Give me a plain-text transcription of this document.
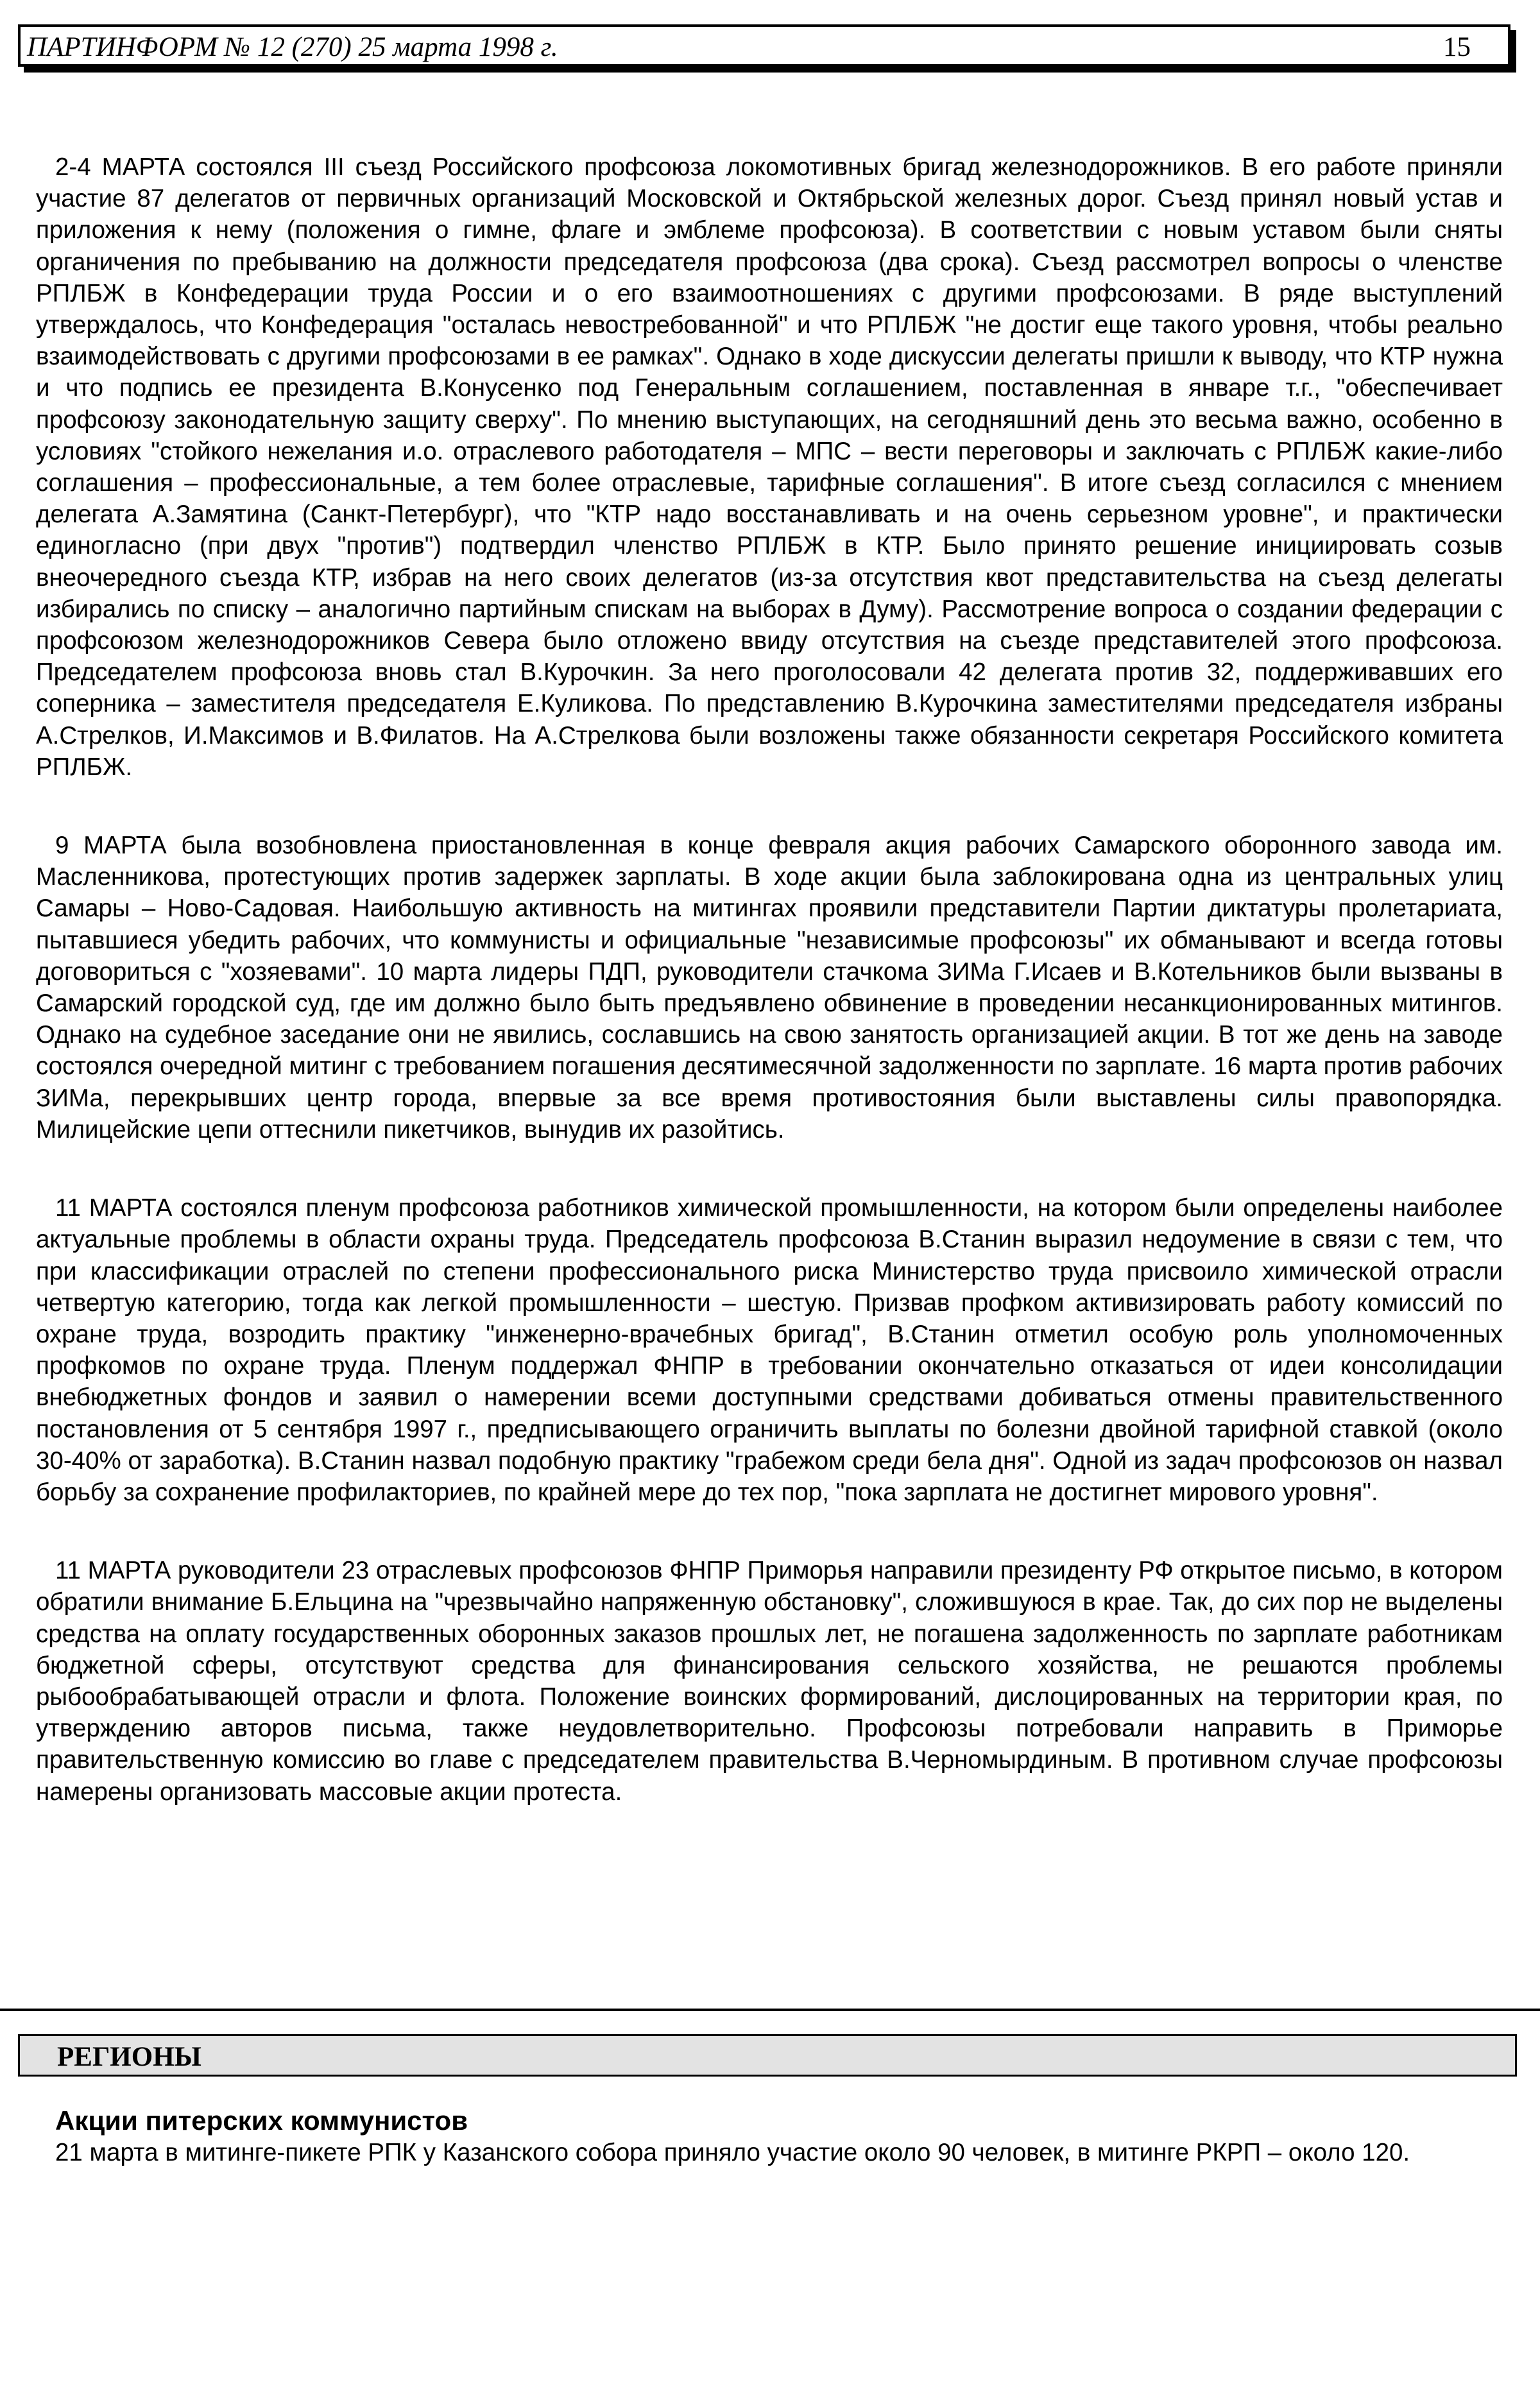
ПАРТИНФОРМ № 12 (270) 25 марта 1998 г.	15

2-4 МАРТА состоялся III съезд Российского профсоюза локомотивных бригад железнодорожников. В его работе приняли участие 87 делегатов от первичных организаций Московской и Октябрьской железных дорог. Съезд принял новый устав и приложения к нему (положения о гимне, флаге и эмблеме профсоюза). В соответствии с новым уставом были сняты органичения по пребыванию на должности председателя профсоюза (два срока). Съезд рассмотрел вопросы о членстве РПЛБЖ в Конфедерации труда России и о его взаимоотношениях с другими профсоюзами. В ряде выступлений утверждалось, что Конфедерация "осталась невостребованной" и что РПЛБЖ "не достиг еще такого уровня, чтобы реально взаимодействовать с другими профсоюзами в ее рамках". Однако в ходе дискуссии делегаты пришли к выводу, что КТР нужна и что подпись ее президента В.Конусенко под Генеральным соглашением, поставленная в январе т.г., "обеспечивает профсоюзу законодательную защиту сверху". По мнению выступающих, на сегодняшний день это весьма важно, особенно в условиях "стойкого нежелания и.о. отраслевого работодателя – МПС – вести переговоры и заключать с РПЛБЖ какие-либо соглашения – профессиональные, а тем более отраслевые, тарифные соглашения". В итоге съезд согласился с мнением делегата А.Замятина (Санкт-Петербург), что "КТР надо восстанавливать и на очень серьезном уровне", и практически единогласно (при двух "против") подтвердил членство РПЛБЖ в КТР. Было принято решение инициировать созыв внеочередного съезда КТР, избрав на него своих делегатов (из-за отсутствия квот представительства на съезд делегаты избирались по списку – аналогично партийным спискам на выборах в Думу). Рассмотрение вопроса о создании федерации с профсоюзом железнодорожников Севера было отложено ввиду отсутствия на съезде представителей этого профсоюза. Председателем профсоюза вновь стал В.Курочкин. За него проголосовали 42 делегата против 32, поддерживавших его соперника – заместителя председателя Е.Куликова. По представлению В.Курочкина заместителями председателя избраны А.Стрелков, И.Максимов и В.Филатов. На А.Стрелкова были возложены также обязанности секретаря Российского комитета РПЛБЖ.

9 МАРТА была возобновлена приостановленная в конце февраля акция рабочих Самарского оборонного завода им. Масленникова, протестующих против задержек зарплаты. В ходе акции была заблокирована одна из центральных улиц Самары – Ново-Садовая. Наибольшую активность на митингах проявили представители Партии диктатуры пролетариата, пытавшиеся убедить рабочих, что коммунисты и официальные "независимые профсоюзы" их обманывают и всегда готовы договориться с "хозяевами". 10 марта лидеры ПДП, руководители стачкома ЗИМа Г.Исаев и В.Котельников были вызваны в Самарский городской суд, где им должно было быть предъявлено обвинение в проведении несанкционированных митингов. Однако на судебное заседание они не явились, сославшись на свою занятость организацией акции. В тот же день на заводе состоялся очередной митинг с требованием погашения десятимесячной задолженности по зарплате. 16 марта против рабочих ЗИМа, перекрывших центр города, впервые за все время противостояния были выставлены силы правопорядка. Милицейские цепи оттеснили пикетчиков, вынудив их разойтись.

11 МАРТА состоялся пленум профсоюза работников химической промышленности, на котором были определены наиболее актуальные проблемы в области охраны труда. Председатель профсоюза В.Станин выразил недоумение в связи с тем, что при классификации отраслей по степени профессионального риска Министерство труда присвоило химической отрасли четвертую категорию, тогда как легкой промышленности – шестую. Призвав профком активизировать работу комиссий по охране труда, возродить практику "инженерно-врачебных бригад", В.Станин отметил особую роль уполномоченных профкомов по охране труда. Пленум поддержал ФНПР в требовании окончательно отказаться от идеи консолидации внебюджетных фондов и заявил о намерении всеми доступными средствами добиваться отмены правительственного постановления от 5 сентября 1997 г., предписывающего ограничить выплаты по болезни двойной тарифной ставкой (около 30-40% от заработка). В.Станин назвал подобную практику "грабежом среди бела дня". Одной из задач профсоюзов он назвал борьбу за сохранение профилакториев, по крайней мере до тех пор, "пока зарплата не достигнет мирового уровня".

11 МАРТА руководители 23 отраслевых профсоюзов ФНПР Приморья направили президенту РФ открытое письмо, в котором обратили внимание Б.Ельцина на "чрезвычайно напряженную обстановку", сложившуюся в крае. Так, до сих пор не выделены средства на оплату государственных оборонных заказов прошлых лет, не погашена задолженность по зарплате работникам бюджетной сферы, отсутствуют средства для финансирования сельского хозяйства, не решаются проблемы рыбообрабатывающей отрасли и флота. Положение воинских формирований, дислоцированных на территории края, по утверждению авторов письма, также неудовлетворительно. Профсоюзы потребовали направить в Приморье правительственную комиссию во главе с председателем правительства В.Черномырдиным. В противном случае профсоюзы намерены организовать массовые акции протеста.

РЕГИОНЫ
Акции питерских коммунистов

21 марта в митинге-пикете РПК у Казанского собора приняло участие около 90 человек, в митинге РКРП – около 120.
